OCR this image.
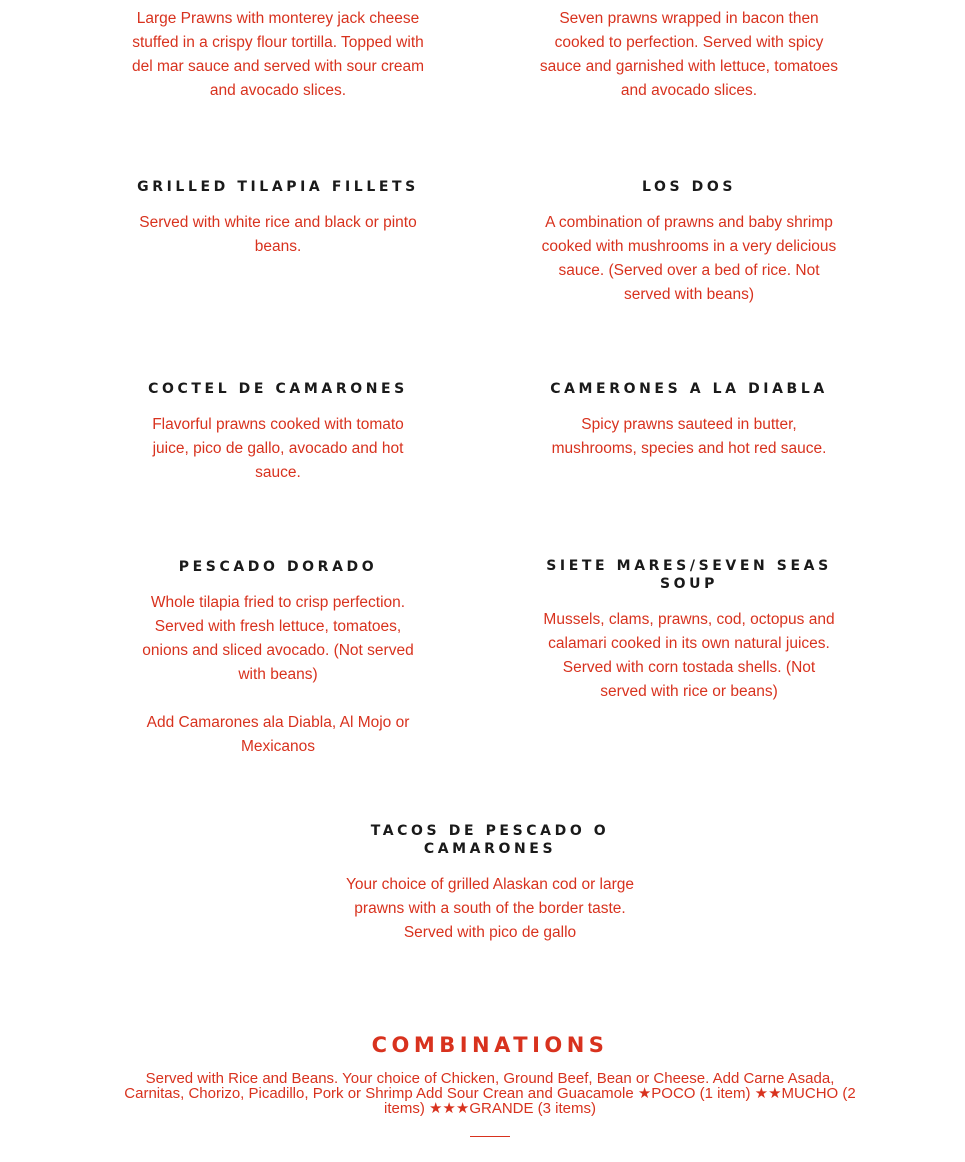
Large Prawns with monterey jack cheese stuffed in a crispy flour tortilla. Topped with del mar sauce and served with sour cream and avocado slices.

Seven prawns wrapped in bacon then cooked to perfection. Served with spicy sauce and garnished with lettuce, tomatoes and avocado slices.

GRILLED TILAPIA FILLETS

Served with white rice and black or pinto beans.

LOS DOS

A combination of prawns and baby shrimp cooked with mushrooms in a very delicious sauce. (Served over a bed of rice. Not served with beans)

COCTEL DE CAMARONES

Flavorful prawns cooked with tomato juice, pico de gallo, avocado and hot sauce.

CAMERONES A LA DIABLA

Spicy prawns sauteed in butter, mushrooms, species and hot red sauce.

PESCADO DORADO

Whole tilapia fried to crisp perfection. Served with fresh lettuce, tomatoes, onions and sliced avocado. (Not served with beans)

Add Camarones ala Diabla, Al Mojo or Mexicanos

SIETE MARES/SEVEN SEAS SOUP

Mussels, clams, prawns, cod, octopus and calamari cooked in its own natural juices. Served with corn tostada shells. (Not served with rice or beans)

TACOS DE PESCADO O CAMARONES

Your choice of grilled Alaskan cod or large prawns with a south of the border taste. Served with pico de gallo

COMBINATIONS

Served with Rice and Beans. Your choice of Chicken, Ground Beef, Bean or Cheese. Add Carne Asada, Carnitas, Chorizo, Picadillo, Pork or Shrimp Add Sour Crean and Guacamole ★POCO (1 item) ★★MUCHO (2 items) ★★★GRANDE (3 items)
